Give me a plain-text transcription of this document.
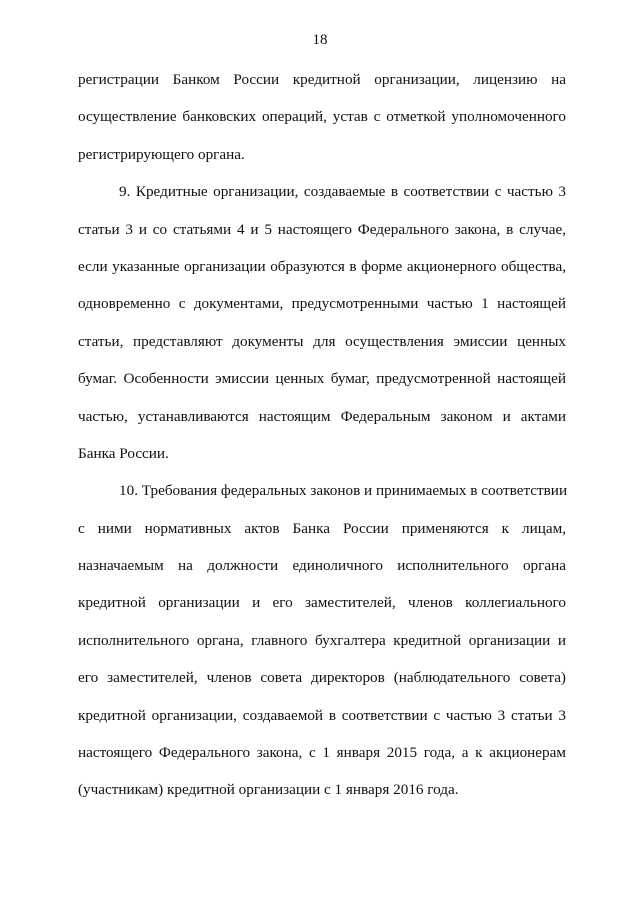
18
регистрации Банком России кредитной организации, лицензию на
осуществление банковских операций, устав с отметкой уполномоченного
регистрирующего органа.
9. Кредитные организации, создаваемые в соответствии с частью 3
статьи 3 и со статьями 4 и 5 настоящего Федерального закона, в случае,
если указанные организации образуются в форме акционерного общества,
одновременно с документами, предусмотренными частью 1 настоящей
статьи, представляют документы для осуществления эмиссии ценных
бумаг. Особенности эмиссии ценных бумаг, предусмотренной настоящей
частью, устанавливаются настоящим Федеральным законом и актами
Банка России.
10. Требования федеральных законов и принимаемых в соответствии
с ними нормативных актов Банка России применяются к лицам,
назначаемым на должности единоличного исполнительного органа
кредитной организации и его заместителей, членов коллегиального
исполнительного органа, главного бухгалтера кредитной организации и
его заместителей, членов совета директоров (наблюдательного совета)
кредитной организации, создаваемой в соответствии с частью 3 статьи 3
настоящего Федерального закона, с 1 января 2015 года, а к акционерам
(участникам) кредитной организации с 1 января 2016 года.
